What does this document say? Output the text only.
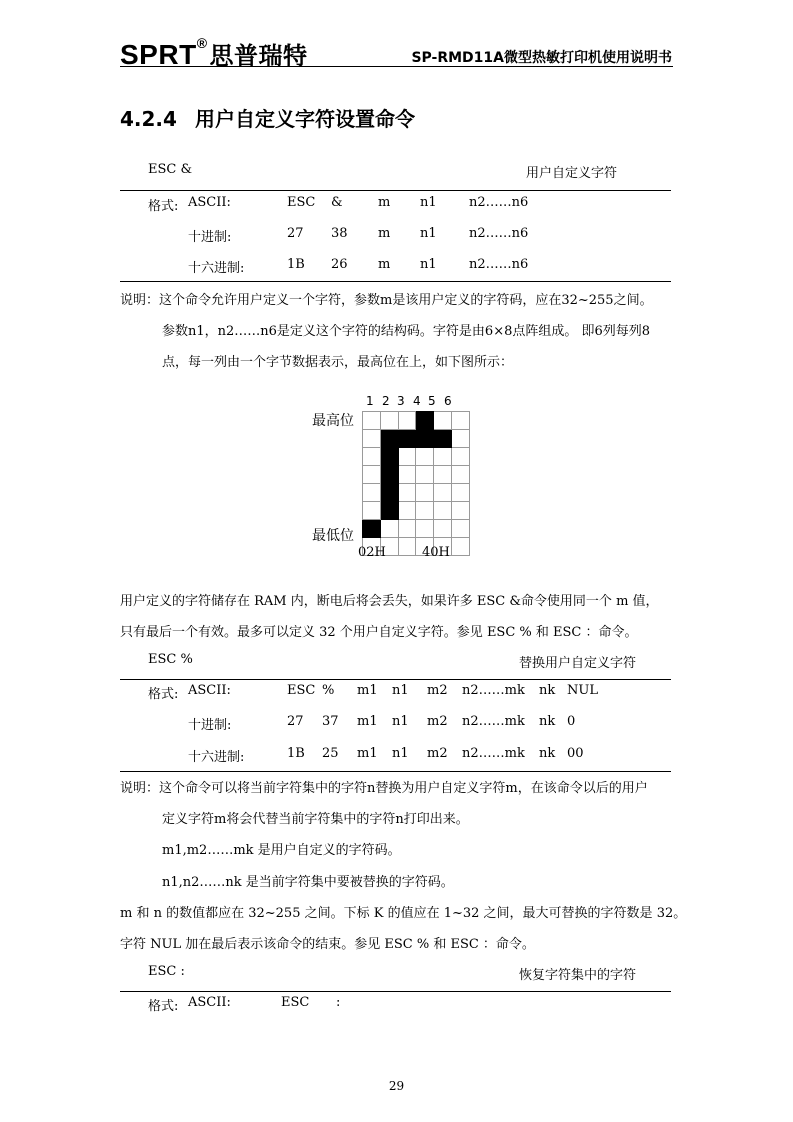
SPRT®思普瑞特	SP-RMD11A微型热敏打印机使用说明书
4.2.4 用户自定义字符设置命令
ESC &	用户自定义字符
格式: ASCII:	ESC &	m n1 n2……n6
十进制:	27 38 m n1 n2……n6
十六进制:	1B 26 m n1 n2……n6
说明：这个命令允许用户定义一个字符，参数m是该用户定义的字符码，应在32~255之间。
参数n1，n2……n6是定义这个字符的结构码。字符是由6×8点阵组成。 即6列每列8
点，每一列由一个字节数据表示，最高位在上，如下图所示：
1 2 3 4 5 6
最高位
最低位

02H	40H
用户定义的字符储存在 RAM 内，断电后将会丢失，如果许多 ESC &命令使用同一个 m 值，
只有最后一个有效。最多可以定义 32 个用户自定义字符。参见 ESC % 和 ESC ：命令。
ESC %	替换用户自定义字符
格式: ASCII:	ESC % m1 n1 m2 n2……mk nk NUL
十进制:	27 37 m1 n1 m2 n2……mk nk 0
十六进制:	1B 25 m1 n1 m2 n2……mk nk 00
说明：这个命令可以将当前字符集中的字符n替换为用户自定义字符m，在该命令以后的用户
定义字符m将会代替当前字符集中的字符n打印出来。
m1,m2……mk 是用户自定义的字符码。
n1,n2……nk 是当前字符集中要被替换的字符码。
m 和 n 的数值都应在 32~255 之间。下标 K 的值应在 1~32 之间，最大可替换的字符数是 32。
字符 NUL 加在最后表示该命令的结束。参见 ESC % 和 ESC ：命令。
ESC :	恢复字符集中的字符
格式: ASCII:	ESC :
29
